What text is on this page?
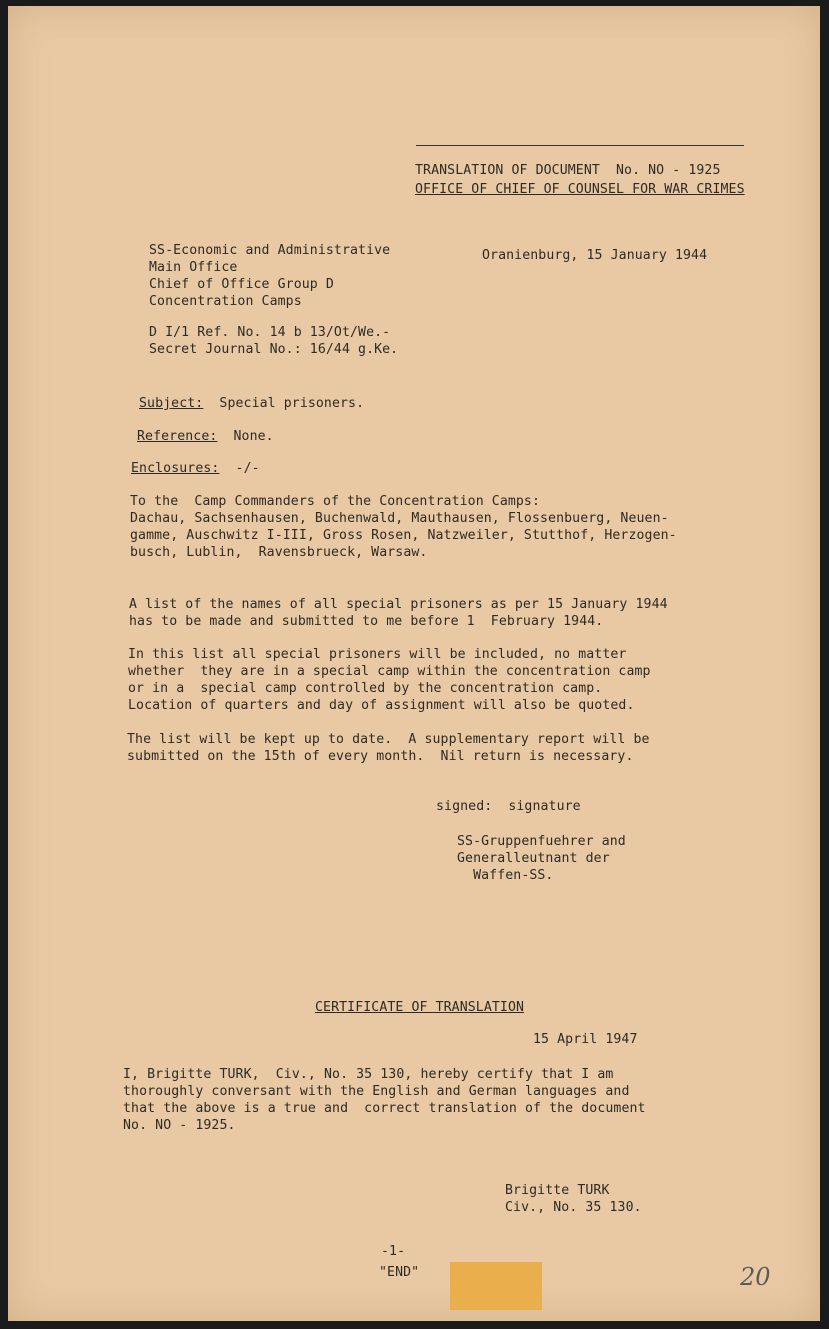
TRANSLATION OF DOCUMENT  No. NO - 1925
OFFICE OF CHIEF OF COUNSEL FOR WAR CRIMES
SS-Economic and Administrative
Main Office
Chief of Office Group D
Concentration Camps
D I/1 Ref. No. 14 b 13/Ot/We.-
Secret Journal No.: 16/44 g.Ke.
Oranienburg, 15 January 1944
Subject: Special prisoners.
Reference: None.
Enclosures: -/-
To the  Camp Commanders of the Concentration Camps:
Dachau, Sachsenhausen, Buchenwald, Mauthausen, Flossenbuerg, Neuen-
gamme, Auschwitz I-III, Gross Rosen, Natzweiler, Stutthof, Herzogen-
busch, Lublin,  Ravensbrueck, Warsaw.
A list of the names of all special prisoners as per 15 January 1944
has to be made and submitted to me before 1  February 1944.
In this list all special prisoners will be included, no matter
whether  they are in a special camp within the concentration camp
or in a  special camp controlled by the concentration camp.
Location of quarters and day of assignment will also be quoted.
The list will be kept up to date.  A supplementary report will be
submitted on the 15th of every month.  Nil return is necessary.
signed:  signature
SS-Gruppenfuehrer and
Generalleutnant der
Waffen-SS.
CERTIFICATE OF TRANSLATION
15 April 1947
I, Brigitte TURK,  Civ., No. 35 130, hereby certify that I am
thoroughly conversant with the English and German languages and
that the above is a true and  correct translation of the document
No. NO - 1925.
Brigitte TURK
Civ., No. 35 130.
-1-
"END"	20
